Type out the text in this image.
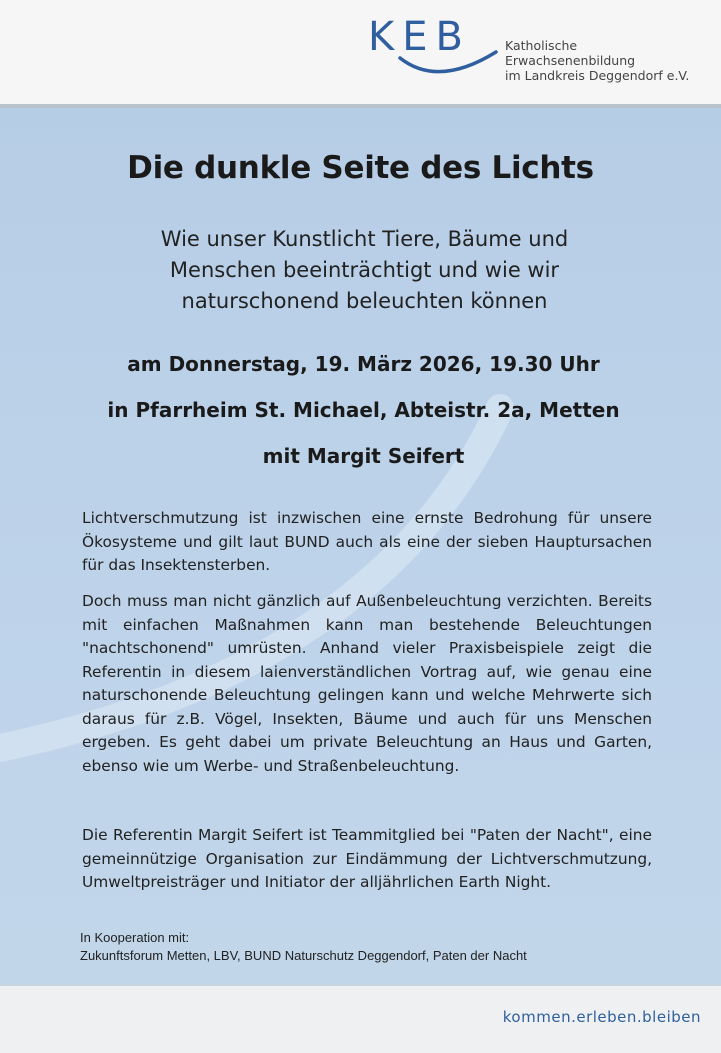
KEB	Katholische
Erwachsenenbildung
im Landkreis Deggendorf e.V.
Die dunkle Seite des Lichts
Wie unser Kunstlicht Tiere, Bäume und
Menschen beeinträchtigt und wie wir
naturschonend beleuchten können
am Donnerstag, 19. März 2026, 19.30 Uhr
in Pfarrheim St. Michael, Abteistr. 2a, Metten
mit Margit Seifert

Lichtverschmutzung ist inzwischen eine ernste Bedrohung für unsere Ökosysteme und gilt laut BUND auch als eine der sieben Hauptursachen für das Insektensterben.

Doch muss man nicht gänzlich auf Außenbeleuchtung verzichten. Bereits mit einfachen Maßnahmen kann man bestehende Beleuchtungen "nachtschonend" umrüsten. Anhand vieler Praxisbeispiele zeigt die Referentin in diesem laienverständlichen Vortrag auf, wie genau eine naturschonende Beleuchtung gelingen kann und welche Mehrwerte sich daraus für z.B. Vögel, Insekten, Bäume und auch für uns Menschen ergeben. Es geht dabei um private Beleuchtung an Haus und Garten, ebenso wie um Werbe- und Straßenbeleuchtung.

Die Referentin Margit Seifert ist Teammitglied bei "Paten der Nacht", eine gemeinnützige Organisation zur Eindämmung der Lichtverschmutzung, Umweltpreisträger und Initiator der alljährlichen Earth Night.

In Kooperation mit:
Zukunftsforum Metten, LBV, BUND Naturschutz Deggendorf, Paten der Nacht
kommen.erleben.bleiben
